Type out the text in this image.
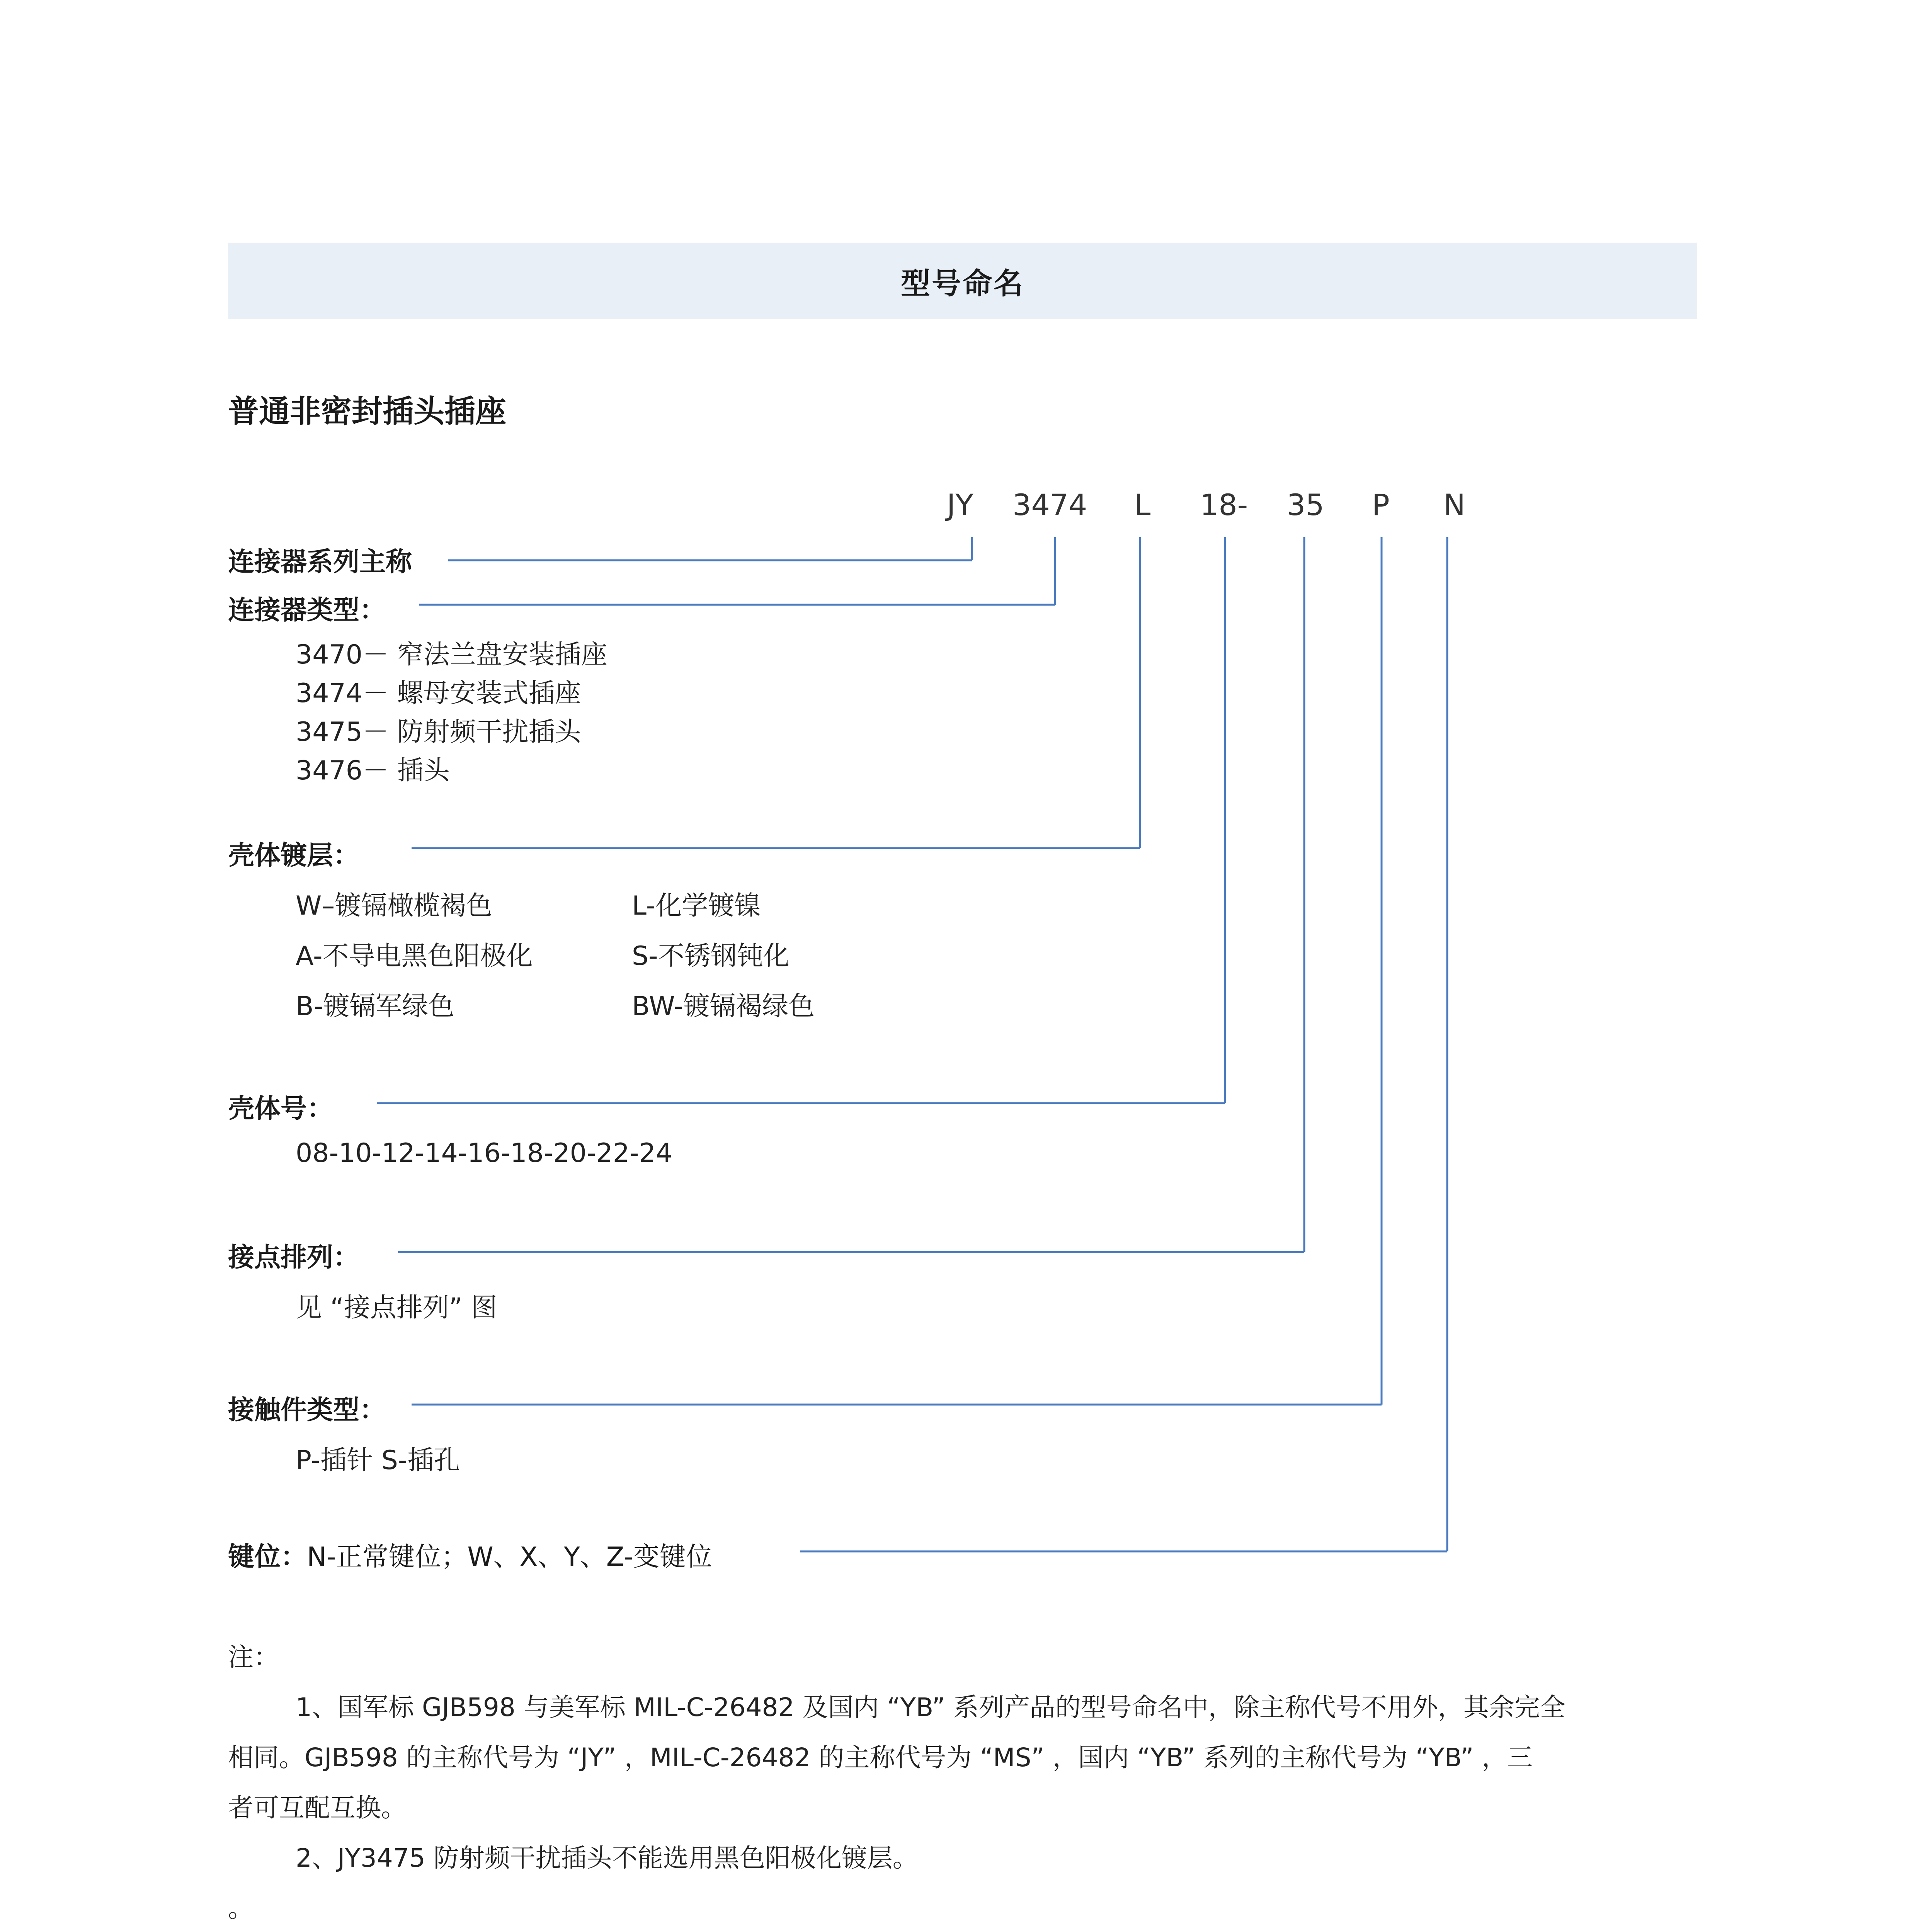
型号命名
普通非密封插头插座
JY 3474 L 18- 35 P N
连接器系列主称
连接器类型：
3470－ 窄法兰盘安装插座
3474－ 螺母安装式插座
3475－ 防射频干扰插头
3476－ 插头
壳体镀层：
W–镀镉橄榄褐色
A-不导电黑色阳极化
B-镀镉军绿色
L-化学镀镍
S-不锈钢钝化
BW-镀镉褐绿色
壳体号：
08-10-12-14-16-18-20-22-24
接点排列：
见 “接点排列” 图
接触件类型：
P-插针 S-插孔
键位：N-正常键位；W、X、Y、Z-变键位
注：
1、国军标 GJB598 与美军标 MIL-C-26482 及国内 “YB” 系列产品的型号命名中，除主称代号不用外，其余完全
相同。GJB598 的主称代号为 “JY” ，MIL-C-26482 的主称代号为 “MS” ，国内 “YB” 系列的主称代号为 “YB” ，三
者可互配互换。
2、JY3475 防射频干扰插头不能选用黑色阳极化镀层。
。
